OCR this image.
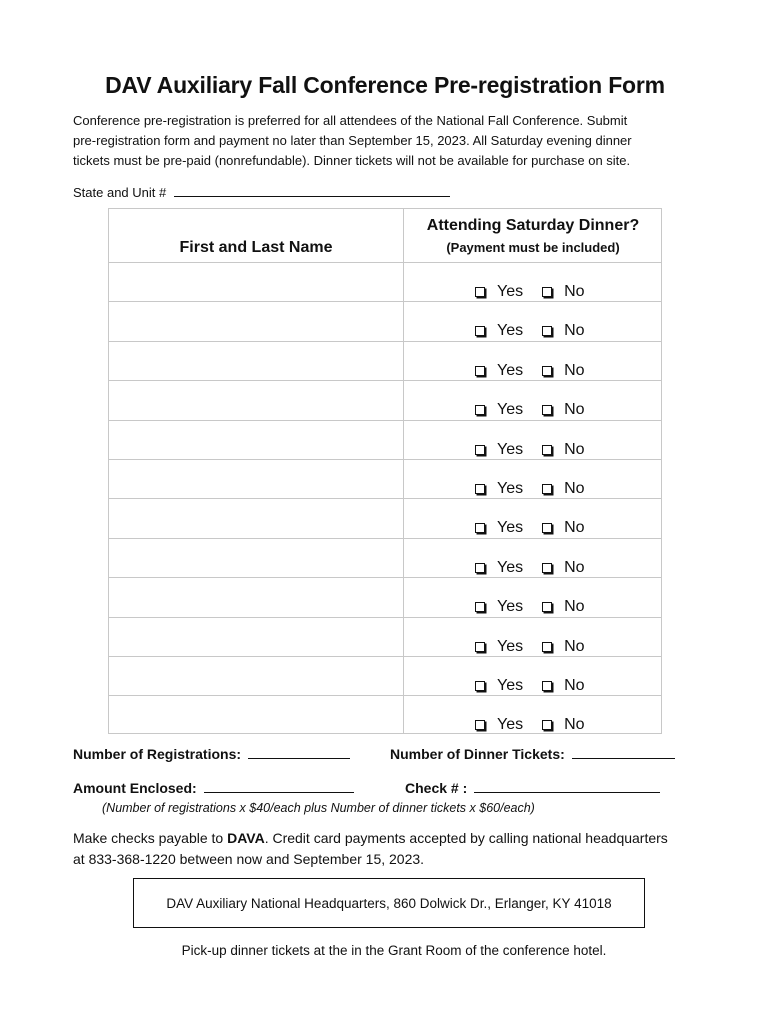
DAV Auxiliary Fall Conference Pre-registration Form
Conference pre-registration is preferred for all attendees of the National Fall Conference. Submit
pre-registration form and payment no later than September 15, 2023. All Saturday evening dinner
tickets must be pre-paid (nonrefundable). Dinner tickets will not be available for purchase on site.
State and Unit #
First and Last Name
Attending Saturday Dinner?
(Payment must be included)
Yes	No
Yes	No
Yes	No
Yes	No
Yes	No
Yes	No
Yes	No
Yes	No
Yes	No
Yes	No
Yes	No
Yes	No
Number of Registrations:	Number of Dinner Tickets:
Amount Enclosed:	Check # :
(Number of registrations x $40/each plus Number of dinner tickets x $60/each)
Make checks payable to DAVA. Credit card payments accepted by calling national headquarters
at 833-368-1220 between now and September 15, 2023.
DAV Auxiliary National Headquarters, 860 Dolwick Dr., Erlanger, KY 41018
Pick-up dinner tickets at the in the Grant Room of the conference hotel.
